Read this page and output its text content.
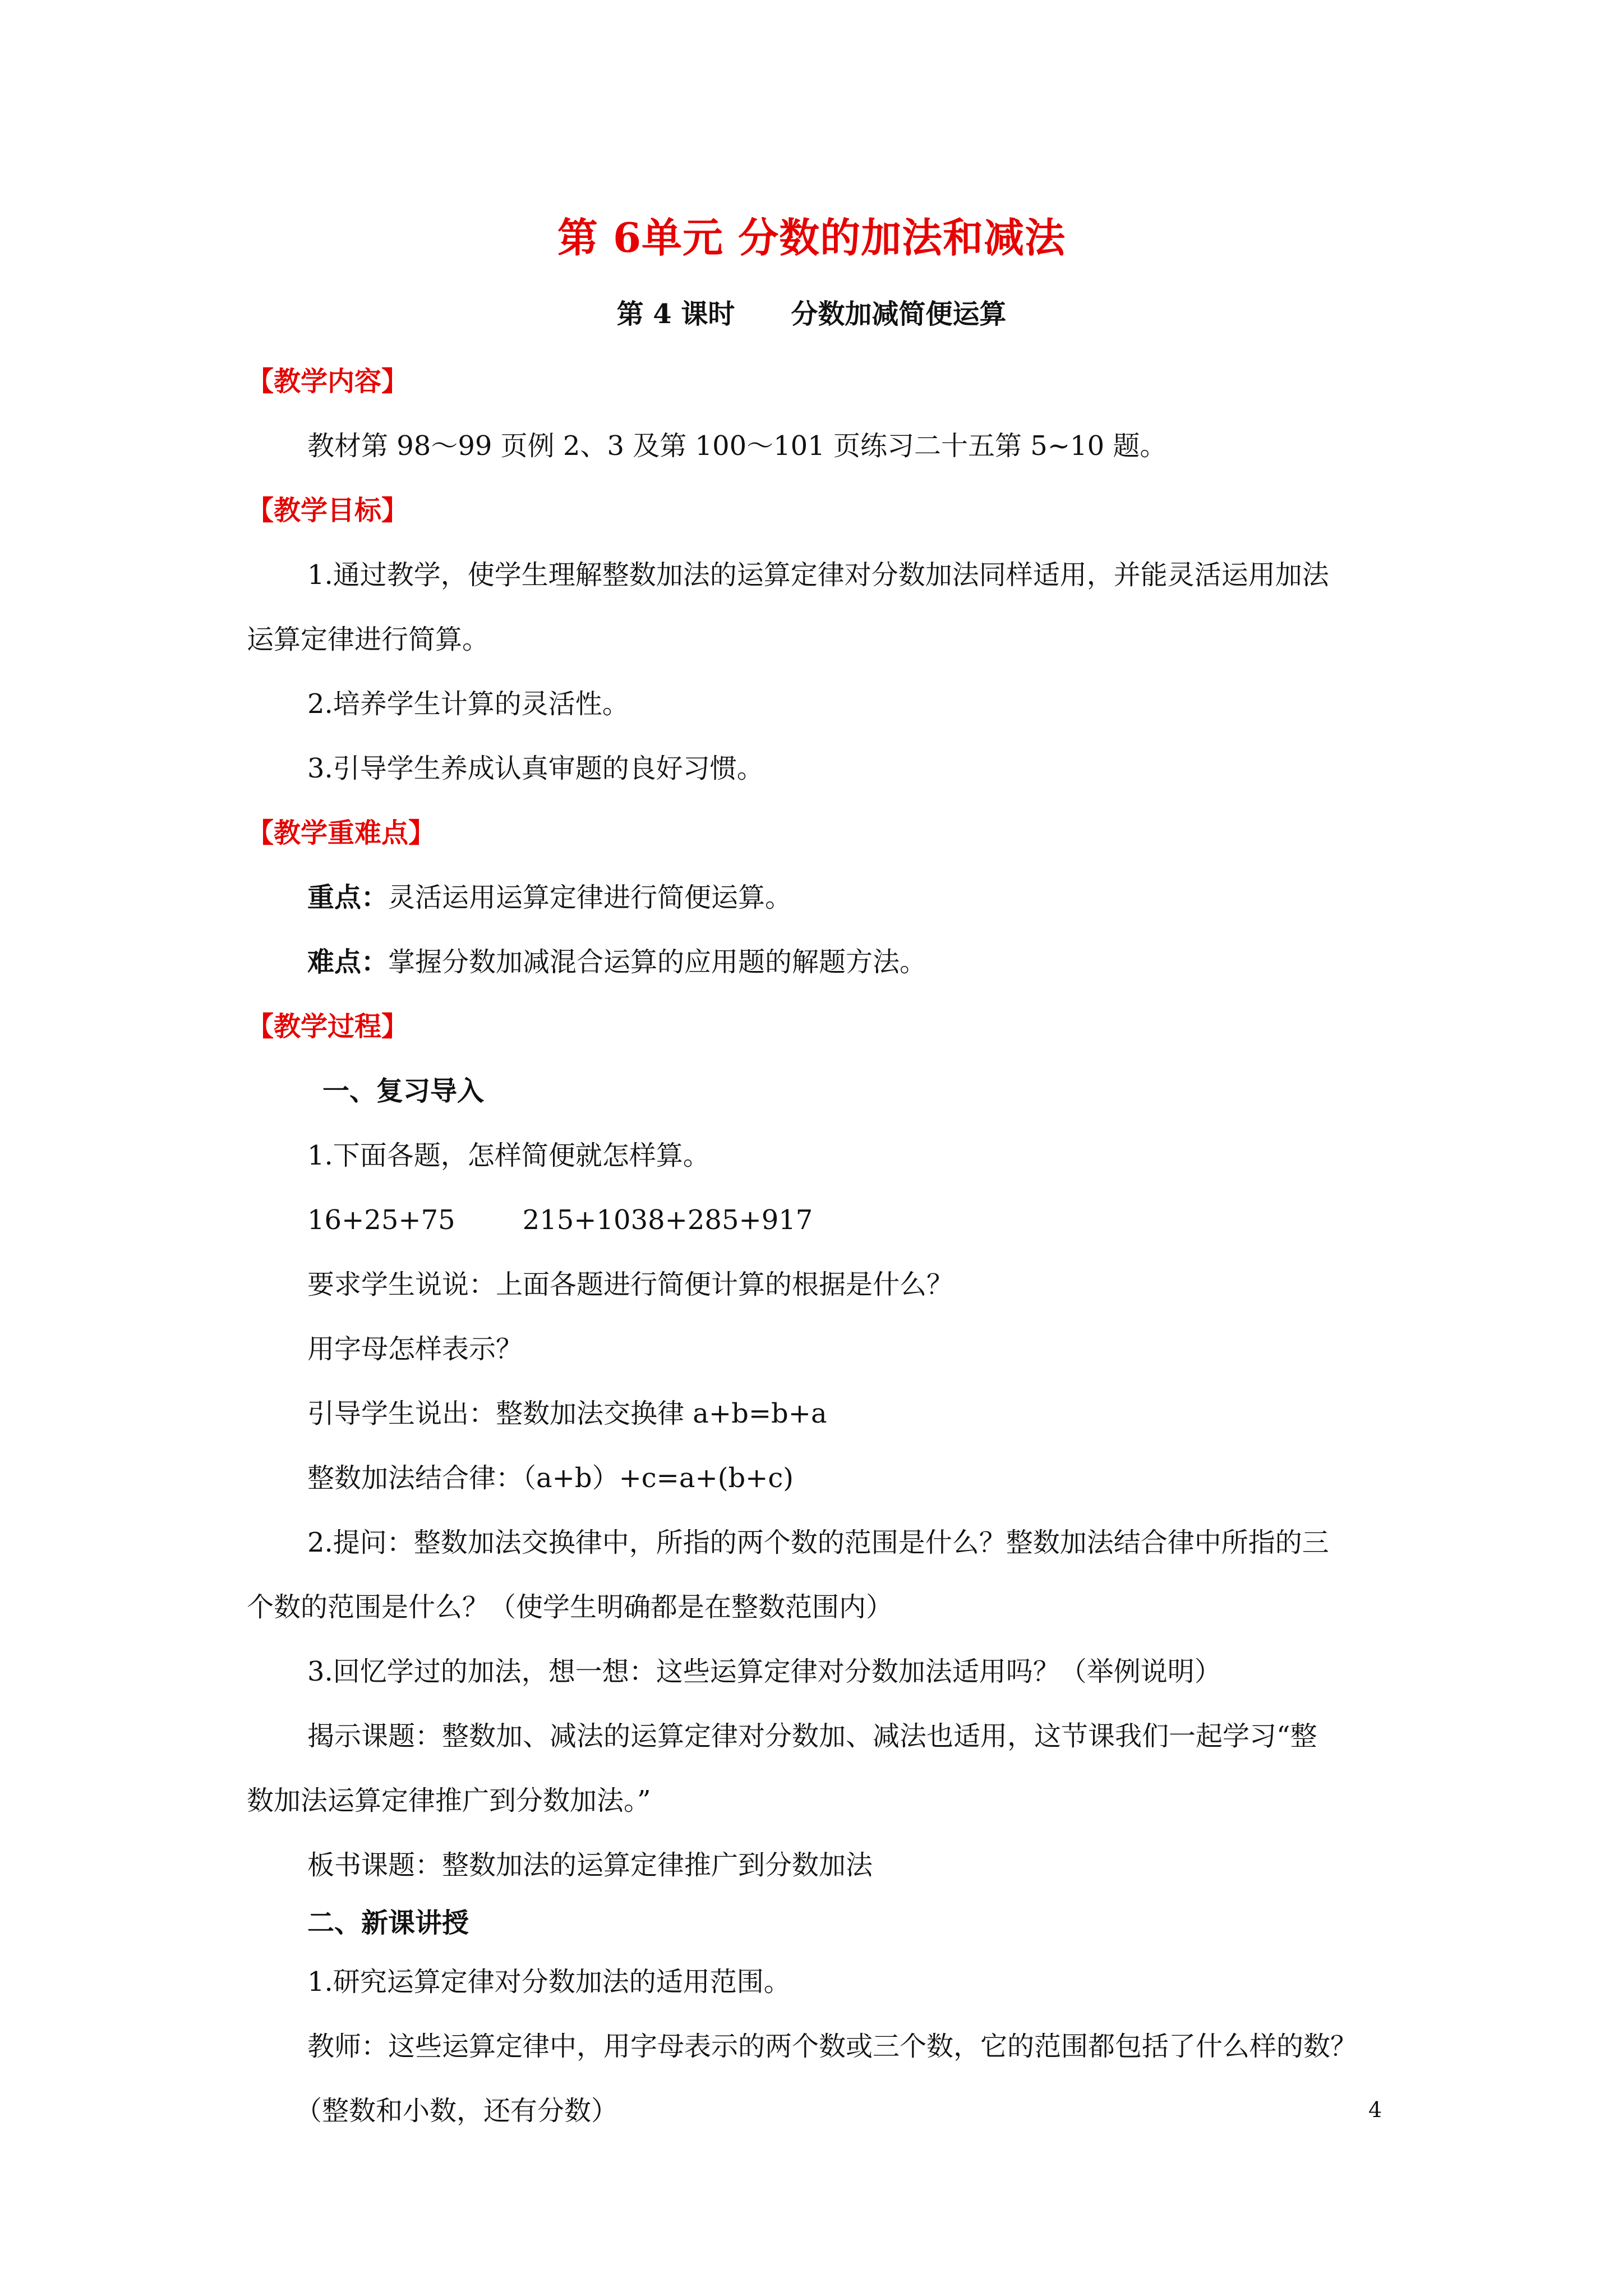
第 6单元 分数的加法和减法
第 4 课时 分数加减简便运算
【教学内容】
教材第 98～99 页例 2、3 及第 100～101 页练习二十五第 5~10 题。
【教学目标】
1.通过教学，使学生理解整数加法的运算定律对分数加法同样适用，并能灵活运用加法
运算定律进行简算。
2.培养学生计算的灵活性。
3.引导学生养成认真审题的良好习惯。
【教学重难点】
重点：灵活运用运算定律进行简便运算。
难点：掌握分数加减混合运算的应用题的解题方法。
【教学过程】
一、复习导入
1.下面各题，怎样简便就怎样算。
16+25+75	215+1038+285+917
要求学生说说：上面各题进行简便计算的根据是什么？
用字母怎样表示？
引导学生说出：整数加法交换律 a+b=b+a
整数加法结合律：（a+b）+c=a+(b+c)
2.提问：整数加法交换律中，所指的两个数的范围是什么？整数加法结合律中所指的三
个数的范围是什么？（使学生明确都是在整数范围内）
3.回忆学过的加法，想一想：这些运算定律对分数加法适用吗？（举例说明）
揭示课题：整数加、减法的运算定律对分数加、减法也适用，这节课我们一起学习“整
数加法运算定律推广到分数加法。”
板书课题：整数加法的运算定律推广到分数加法
二、新课讲授
1.研究运算定律对分数加法的适用范围。
教师：这些运算定律中，用字母表示的两个数或三个数，它的范围都包括了什么样的数？
（整数和小数，还有分数）	4
